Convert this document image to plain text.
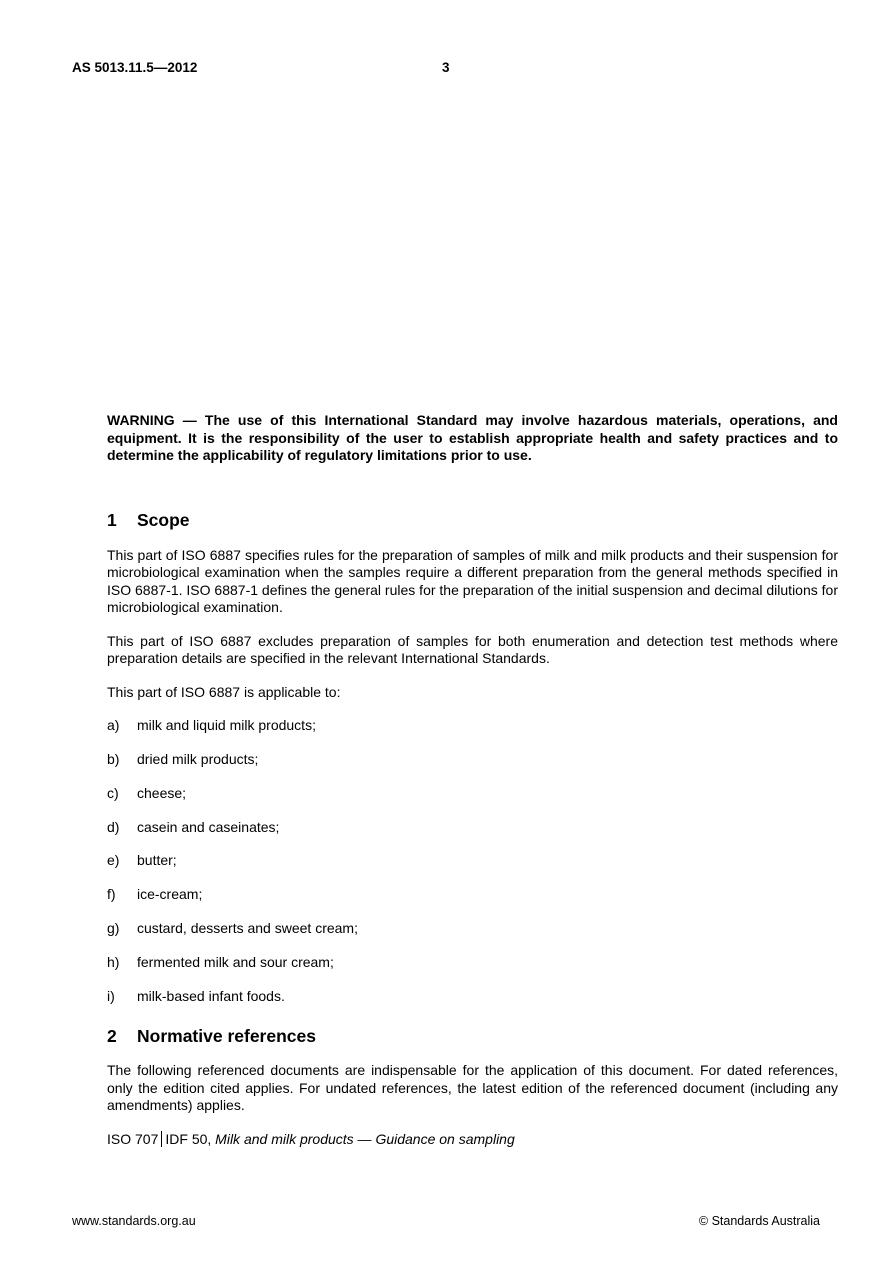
AS 5013.11.5—2012	3

WARNING — The use of this International Standard may involve hazardous materials, operations, and equipment. It is the responsibility of the user to establish appropriate health and safety practices and to determine the applicability of regulatory limitations prior to use.

1	Scope

This part of ISO 6887 specifies rules for the preparation of samples of milk and milk products and their suspension for microbiological examination when the samples require a different preparation from the general methods specified in ISO 6887-1. ISO 6887-1 defines the general rules for the preparation of the initial suspension and decimal dilutions for microbiological examination.

This part of ISO 6887 excludes preparation of samples for both enumeration and detection test methods where preparation details are specified in the relevant International Standards.

This part of ISO 6887 is applicable to:

a)	milk and liquid milk products;
b)	dried milk products;
c)	cheese;
d)	casein and caseinates;
e)	butter;
f)	ice-cream;
g)	custard, desserts and sweet cream;
h)	fermented milk and sour cream;
i)	milk-based infant foods.
2	Normative references

The following referenced documents are indispensable for the application of this document. For dated references, only the edition cited applies. For undated references, the latest edition of the referenced document (including any amendments) applies.

ISO 707 IDF 50, Milk and milk products — Guidance on sampling
www.standards.org.au	© Standards Australia
